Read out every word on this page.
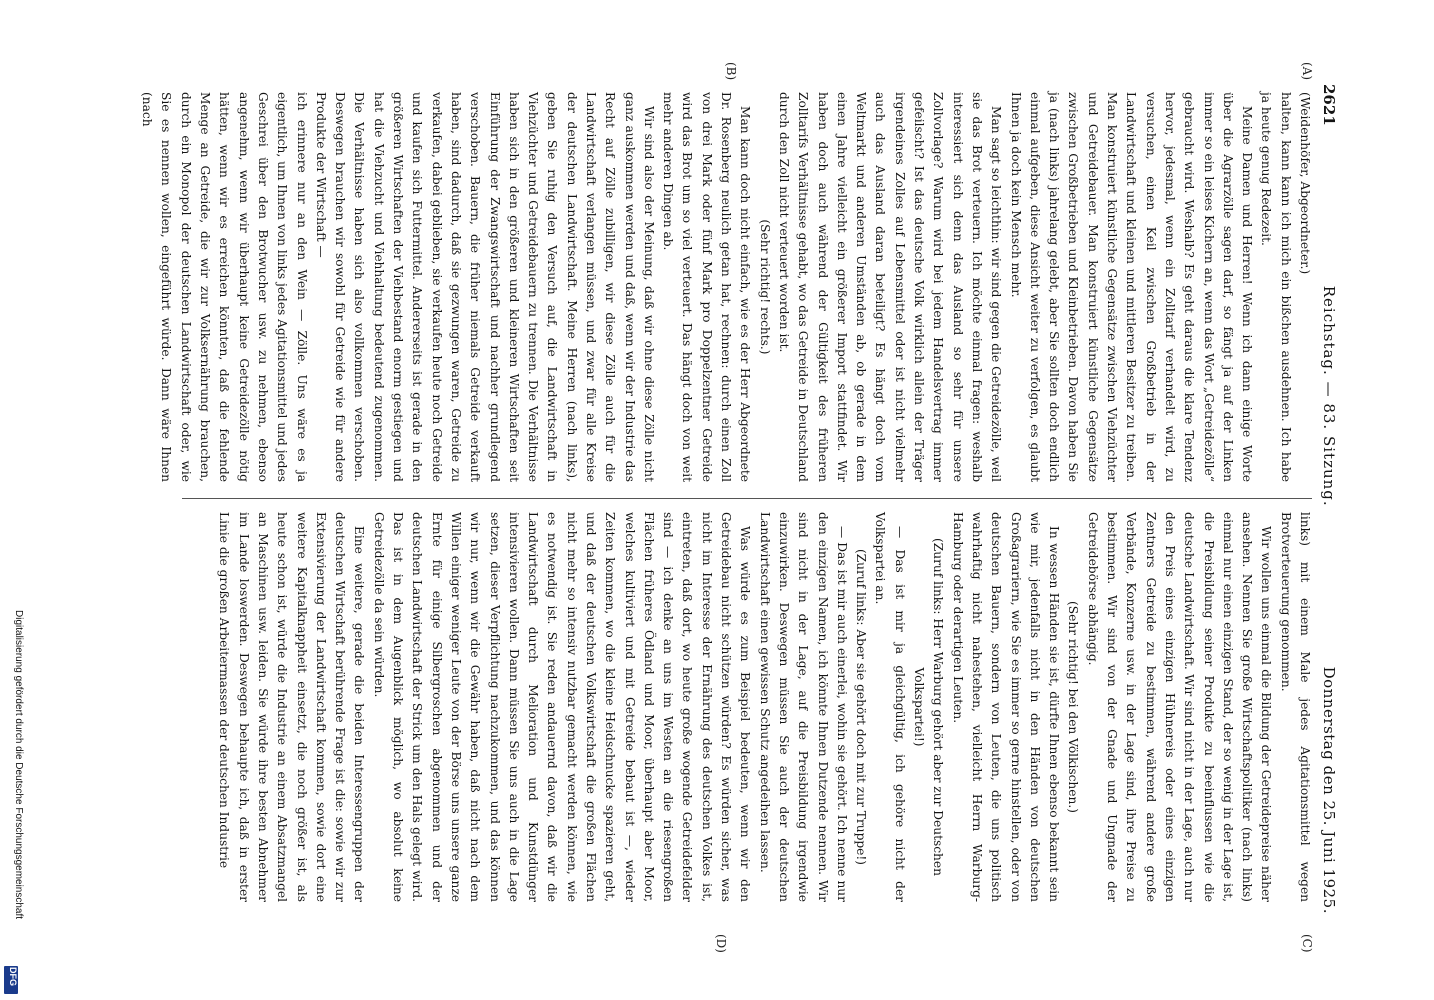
Digitalisierung gefördert durch die Deutsche Forschungsgemeinschaft
DFG
2621
Reichstag. — 83. Sitzung.
Donnerstag den 25. Juni 1925.
(A)
(B)
(C)
(D)

(Weidenhöfer, Abgeordneter.)

halten, kann kann ich mich ein bißchen ausdehnen. Ich habe ja heute genug Redezeit.

Meine Damen und Herren! Wenn ich dann einige Worte über die Agrarzölle sagen darf, so fängt ja auf der Linken immer so ein leises Kichern an, wenn das Wort „Getreidezölle“ gebraucht wird. Weshalb? Es geht daraus die klare Tendenz hervor, jedesmal, wenn ein Zolltarif verhandelt wird, zu versuchen, einen Keil zwischen Großbetrieb in der Landwirtschaft und kleinen und mittleren Besitzer zu treiben. Man konstruiert künstliche Gegensätze zwischen Viehzüchter und Getreidebauer. Man konstruiert künstliche Gegensätze zwischen Großbetrieben und Kleinbetrieben. Davon haben Sie ja (nach links) jahrelang gelebt, aber Sie sollten doch endlich einmal aufgeben, diese Ansicht weiter zu verfolgen, es glaubt Ihnen ja doch kein Mensch mehr.

Man sagt so leichthin: wir sind gegen die Getreidezölle, weil sie das Brot verteuern. Ich möchte einmal fragen: weshalb interessiert sich denn das Ausland so sehr für unsere Zollvorlage? Warum wird bei jedem Handelsvertrag immer gefeilscht? Ist das deutsche Volk wirklich allein der Träger irgendeines Zolles auf Lebensmittel oder ist nicht vielmehr auch das Ausland daran beteiligt? Es hängt doch vom Weltmarkt und anderen Umständen ab, ob gerade in dem einen Jahre vielleicht ein größerer Import stattfindet. Wir haben doch auch während der Gültigkeit des früheren Zolltarifs Verhältnisse gehabt, wo das Getreide in Deutschland durch den Zoll nicht verteuert worden ist.

(Sehr richtig! rechts.)

Man kann doch nicht einfach, wie es der Herr Abgeordnete Dr. Rosenberg neulich getan hat, rechnen: durch einen Zoll von drei Mark oder fünf Mark pro Doppelzentner Getreide wird das Brot um so viel verteuert. Das hängt doch von weit mehr anderen Dingen ab.

Wir sind also der Meinung, daß wir ohne diese Zölle nicht ganz auskommen werden und daß, wenn wir der Industrie das Recht auf Zölle zubilligen, wir diese Zölle auch für die Landwirtschaft verlangen müssen, und zwar für alle Kreise der deutschen Landwirtschaft. Meine Herren (nach links), geben Sie ruhig den Versuch auf, die Landwirtschaft in Viehzüchter und Getreidebauern zu trennen. Die Verhältnisse haben sich in den größeren und kleineren Wirtschaften seit Einführung der Zwangswirtschaft und nachher grundlegend verschoben. Bauern, die früher niemals Getreide verkauft haben, sind dadurch, daß sie gezwungen waren, Getreide zu verkaufen, dabei geblieben, sie verkaufen heute noch Getreide und kaufen sich Futtermittel. Andererseits ist gerade in den größeren Wirtschaften der Viehbestand enorm gestiegen und hat die Viehzucht und Viehhaltung bedeutend zugenommen. Die Verhältnisse haben sich also vollkommen verschoben. Deswegen brauchen wir sowohl für Getreide wie für andere Produkte der Wirtschaft —

ich erinnere nur an den Wein — Zölle. Uns wäre es ja eigentlich, um Ihnen von links jedes Agitationsmittel und jedes Geschrei über den Brotwucher usw. zu nehmen, ebenso angenehm, wenn wir überhaupt keine Getreidezölle nötig hätten, wenn wir es erreichen könnten, daß die fehlende Menge an Getreide, die wir zur Volksernährung brauchen, durch ein Monopol der deutschen Landwirtschaft oder, wie Sie es nennen wollen, eingeführt würde. Dann wäre Ihnen (nach

links) mit einem Male jedes Agitationsmittel wegen Brotverteuerung genommen.

Wir wollen uns einmal die Bildung der Getreidepreise näher ansehen. Nennen Sie große Wirtschaftspolitiker (nach links) einmal nur einen einzigen Stand, der so wenig in der Lage ist, die Preisbildung seiner Produkte zu beeinflussen wie die deutsche Landwirtschaft. Wir sind nicht in der Lage, auch nur den Preis eines einzigen Hühnereis oder eines einzigen Zentners Getreide zu bestimmen, während andere große Verbände, Konzerne usw. in der Lage sind, ihre Preise zu bestimmen. Wir sind von der Gnade und Ungnade der Getreidebörse abhängig.

(Sehr richtig! bei den Völkischen.)

In wessen Händen sie ist, dürfte Ihnen ebenso bekannt sein wie mir, jedenfalls nicht in den Händen von deutschen Großagrariern, wie Sie es immer so gerne hinstellen, oder von deutschen Bauern, sondern von Leuten, die uns politisch wahrhaftig nicht nahestehen, vielleicht Herrn Warburg-Hamburg oder derartigen Leuten.

(Zuruf links: Herr Warburg gehört aber zur Deutschen Volkspartei!)

— Das ist mir ja gleichgültig, ich gehöre nicht der Volkspartei an.

(Zuruf links: Aber sie gehört doch mit zur Truppe!)

— Das ist mir auch einerlei, wohin sie gehört. Ich nenne nur den einzigen Namen, ich könnte Ihnen Dutzende nennen. Wir sind nicht in der Lage, auf die Preisbildung irgendwie einzuwirken. Deswegen müssen Sie auch der deutschen Landwirtschaft einen gewissen Schutz angedeihen lassen.

Was würde es zum Beispiel bedeuten, wenn wir den Getreidebau nicht schützen würden? Es würden sicher, was nicht im Interesse der Ernährung des deutschen Volkes ist, eintreten, daß dort, wo heute große wogende Getreidefelder sind — ich denke an uns im Westen an die riesengroßen Flächen früheres Ödland und Moor, überhaupt aber Moor, welches kultiviert und mit Getreide bebaut ist —, wieder Zeiten kommen, wo die kleine Heidschnucke spazieren geht, und daß der deutschen Volkswirtschaft die großen Flächen nicht mehr so intensiv nutzbar gemacht werden können, wie es notwendig ist. Sie reden andauernd davon, daß wir die Landwirtschaft durch Melioration und Kunstdünger intensivieren wollen. Dann müssen Sie uns auch in die Lage setzen, dieser Verpflichtung nachzukommen, und das können wir nur, wenn wir die Gewähr haben, daß nicht nach dem Willen einiger weniger Leute von der Börse uns unsere ganze Ernte für einige Silbergroschen abgenommen und der deutschen Landwirtschaft der Strick um den Hals gelegt wird. Das ist in dem Augenblick möglich, wo absolut keine Getreidezölle da sein würden.

Eine weitere, gerade die beiden Interessengruppen der deutschen Wirtschaft berührende Frage ist die: sowie wir zur Extensivierung der Landwirtschaft kommen, sowie dort eine weitere Kapitalknappheit einsetzt, die noch größer ist, als heute schon ist, würde die Industrie an einem Absatzmangel an Maschinen usw. leiden. Sie würde ihre besten Abnehmer im Lande loswerden. Deswegen behaupte ich, daß in erster Linie die großen Arbeitermassen der deutschen Industrie
